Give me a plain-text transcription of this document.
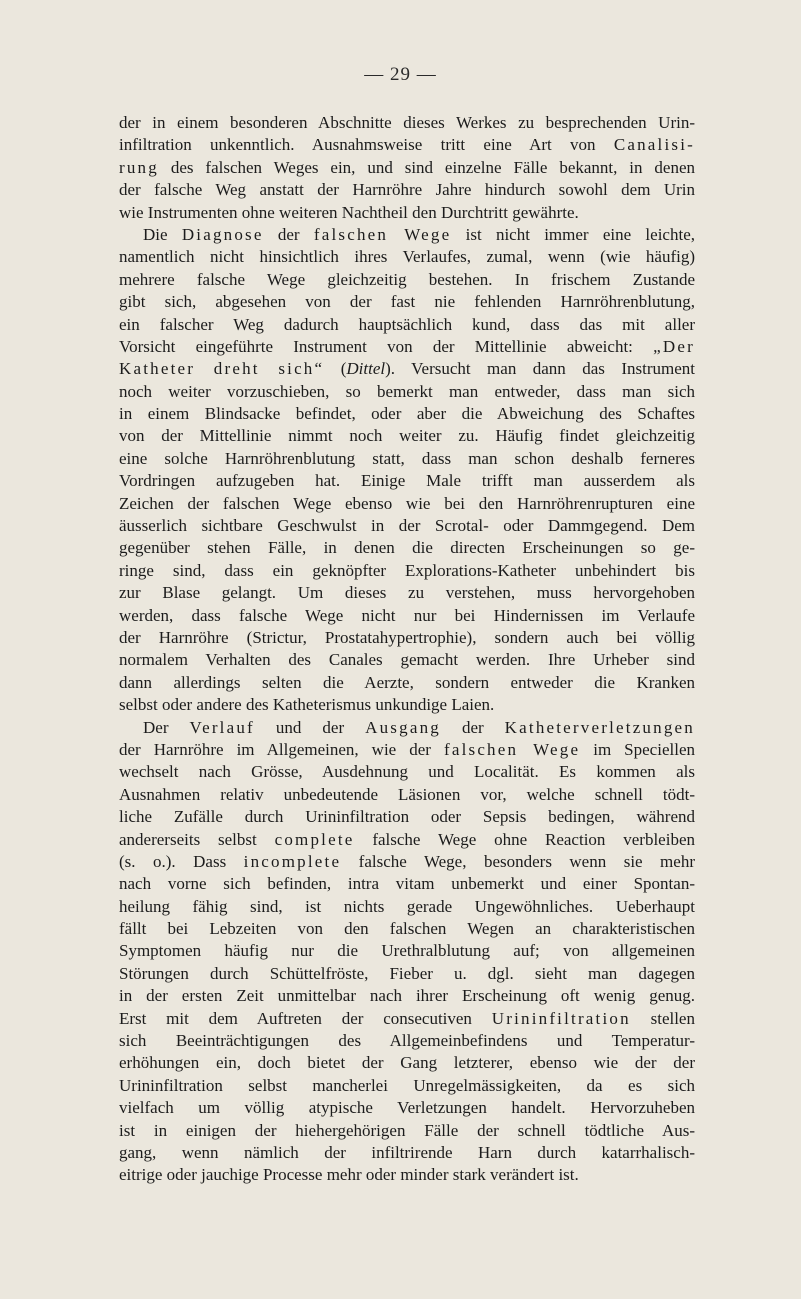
— 29 —
der in einem besonderen Abschnitte dieses Werkes zu besprechenden Urin-
infiltration unkenntlich. Ausnahmsweise tritt eine Art von Canalisi-
rung des falschen Weges ein, und sind einzelne Fälle bekannt, in denen
der falsche Weg anstatt der Harnröhre Jahre hindurch sowohl dem Urin
wie Instrumenten ohne weiteren Nachtheil den Durchtritt gewährte.
Die Diagnose der falschen Wege ist nicht immer eine leichte,
namentlich nicht hinsichtlich ihres Verlaufes, zumal, wenn (wie häufig)
mehrere falsche Wege gleichzeitig bestehen. In frischem Zustande
gibt sich, abgesehen von der fast nie fehlenden Harnröhrenblutung,
ein falscher Weg dadurch hauptsächlich kund, dass das mit aller
Vorsicht eingeführte Instrument von der Mittellinie abweicht: „Der
Katheter dreht sich“ (Dittel). Versucht man dann das Instrument
noch weiter vorzuschieben, so bemerkt man entweder, dass man sich
in einem Blindsacke befindet, oder aber die Abweichung des Schaftes
von der Mittellinie nimmt noch weiter zu. Häufig findet gleichzeitig
eine solche Harnröhrenblutung statt, dass man schon deshalb ferneres
Vordringen aufzugeben hat. Einige Male trifft man ausserdem als
Zeichen der falschen Wege ebenso wie bei den Harnröhrenrupturen eine
äusserlich sichtbare Geschwulst in der Scrotal- oder Dammgegend. Dem
gegenüber stehen Fälle, in denen die directen Erscheinungen so ge-
ringe sind, dass ein geknöpfter Explorations-Katheter unbehindert bis
zur Blase gelangt. Um dieses zu verstehen, muss hervorgehoben
werden, dass falsche Wege nicht nur bei Hindernissen im Verlaufe
der Harnröhre (Strictur, Prostatahypertrophie), sondern auch bei völlig
normalem Verhalten des Canales gemacht werden. Ihre Urheber sind
dann allerdings selten die Aerzte, sondern entweder die Kranken
selbst oder andere des Katheterismus unkundige Laien.
Der Verlauf und der Ausgang der Katheterverletzungen
der Harnröhre im Allgemeinen, wie der falschen Wege im Speciellen
wechselt nach Grösse, Ausdehnung und Localität. Es kommen als
Ausnahmen relativ unbedeutende Läsionen vor, welche schnell tödt-
liche Zufälle durch Urininfiltration oder Sepsis bedingen, während
andererseits selbst complete falsche Wege ohne Reaction verbleiben
(s. o.). Dass incomplete falsche Wege, besonders wenn sie mehr
nach vorne sich befinden, intra vitam unbemerkt und einer Spontan-
heilung fähig sind, ist nichts gerade Ungewöhnliches. Ueberhaupt
fällt bei Lebzeiten von den falschen Wegen an charakteristischen
Symptomen häufig nur die Urethralblutung auf; von allgemeinen
Störungen durch Schüttelfröste, Fieber u. dgl. sieht man dagegen
in der ersten Zeit unmittelbar nach ihrer Erscheinung oft wenig genug.
Erst mit dem Auftreten der consecutiven Urininfiltration stellen
sich Beeinträchtigungen des Allgemeinbefindens und Temperatur-
erhöhungen ein, doch bietet der Gang letzterer, ebenso wie der der
Urininfiltration selbst mancherlei Unregelmässigkeiten, da es sich
vielfach um völlig atypische Verletzungen handelt. Hervorzuheben
ist in einigen der hiehergehörigen Fälle der schnell tödtliche Aus-
gang, wenn nämlich der infiltrirende Harn durch katarrhalisch-
eitrige oder jauchige Processe mehr oder minder stark verändert ist.
